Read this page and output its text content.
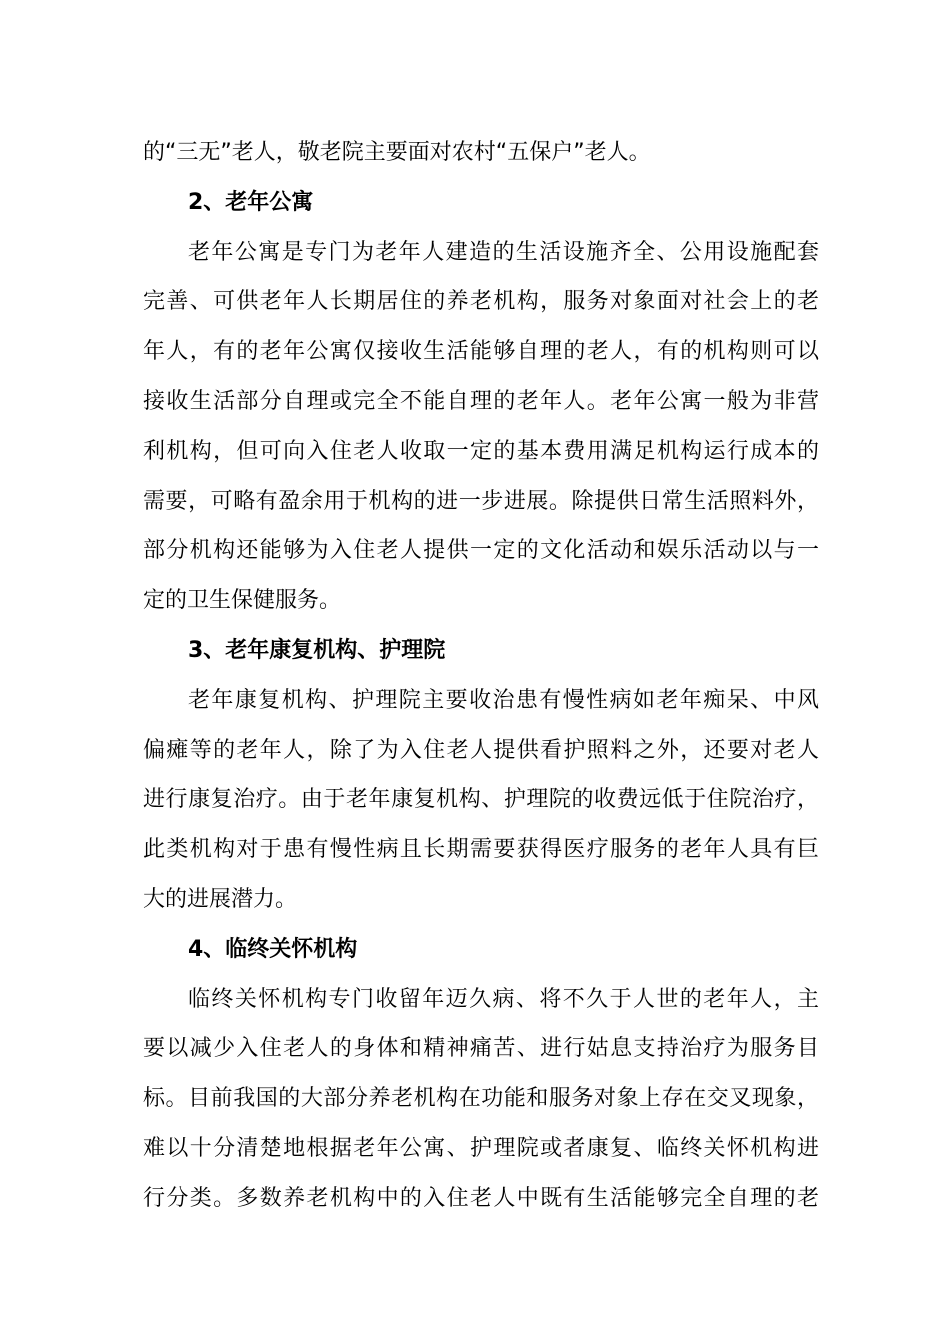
的“三无”老人，敬老院主要面对农村“五保户”老人。
2、老年公寓
老年公寓是专门为老年人建造的生活设施齐全、公用设施配套
完善、可供老年人长期居住的养老机构，服务对象面对社会上的老
年人，有的老年公寓仅接收生活能够自理的老人，有的机构则可以
接收生活部分自理或完全不能自理的老年人。老年公寓一般为非营
利机构，但可向入住老人收取一定的基本费用满足机构运行成本的
需要，可略有盈余用于机构的进一步进展。除提供日常生活照料外，
部分机构还能够为入住老人提供一定的文化活动和娱乐活动以与一
定的卫生保健服务。
3、老年康复机构、护理院
老年康复机构、护理院主要收治患有慢性病如老年痴呆、中风
偏瘫等的老年人，除了为入住老人提供看护照料之外，还要对老人
进行康复治疗。由于老年康复机构、护理院的收费远低于住院治疗，
此类机构对于患有慢性病且长期需要获得医疗服务的老年人具有巨
大的进展潜力。
4、临终关怀机构
临终关怀机构专门收留年迈久病、将不久于人世的老年人，主
要以减少入住老人的身体和精神痛苦、进行姑息支持治疗为服务目
标。目前我国的大部分养老机构在功能和服务对象上存在交叉现象，
难以十分清楚地根据老年公寓、护理院或者康复、临终关怀机构进
行分类。多数养老机构中的入住老人中既有生活能够完全自理的老
